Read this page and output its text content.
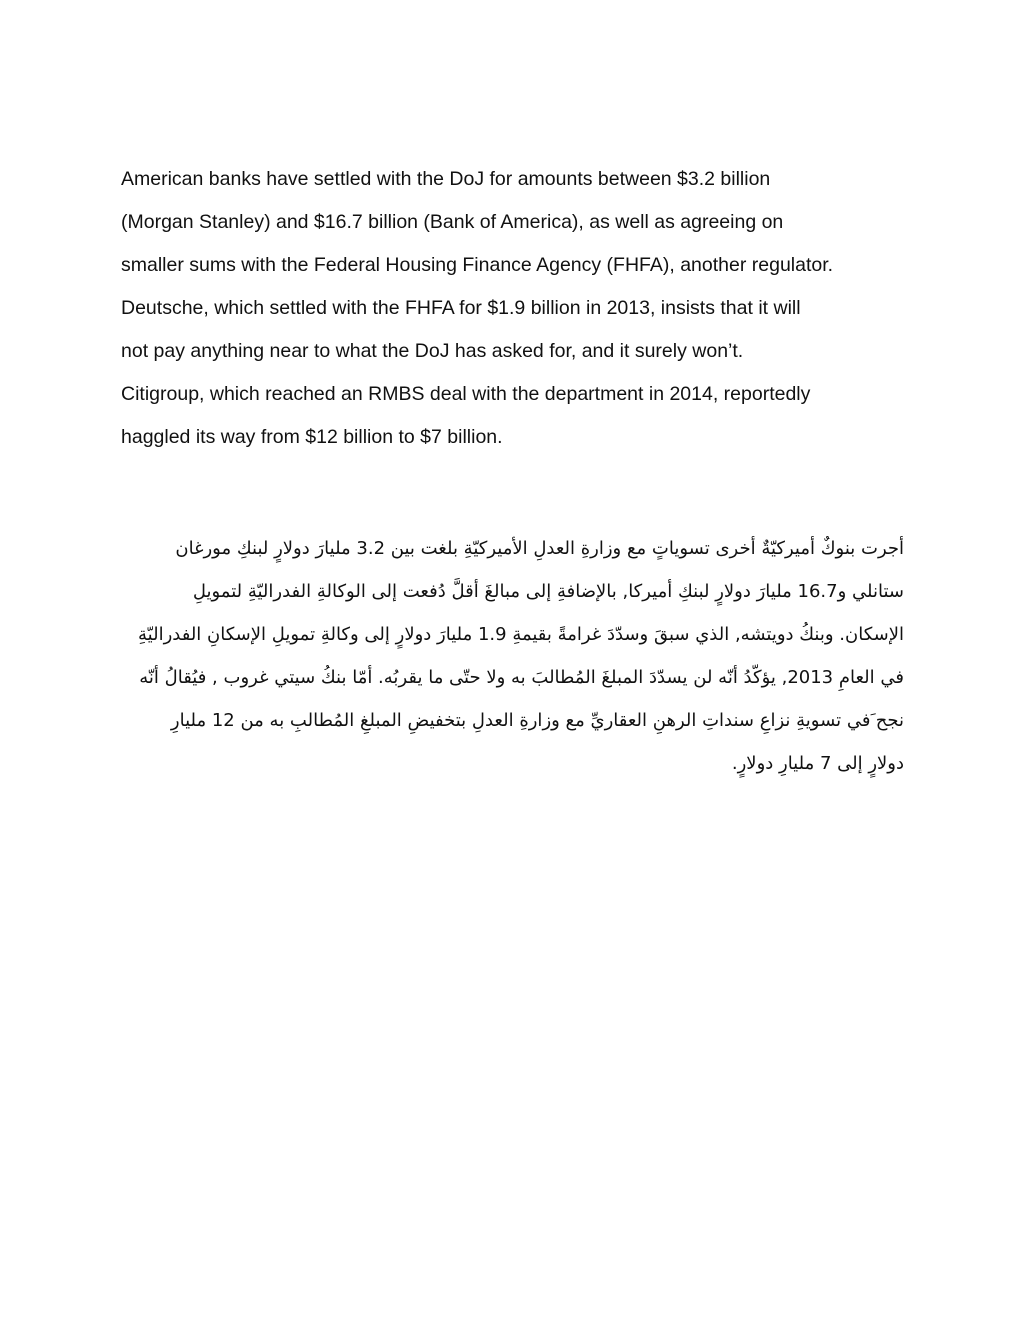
American banks have settled with the DoJ for amounts between $3.2 billion
(Morgan Stanley) and $16.7 billion (Bank of America), as well as agreeing on
smaller sums with the Federal Housing Finance Agency (FHFA), another regulator.
Deutsche, which settled with the FHFA for $1.9 billion in 2013, insists that it will
not pay anything near to what the DoJ has asked for, and it surely won’t.
Citigroup, which reached an RMBS deal with the department in 2014, reportedly
haggled its way from $12 billion to $7 billion.
أجرت بنوكٌ أميركيّةٌ أخرى تسوياتٍ مع وزارةِ العدلِ الأميركيّةِ بلغت بين 3.2 مليارَ دولارٍ لبنكِ مورغان
ستانلي و16.7 مليارَ دولارٍ لبنكِ أميركا, بالإضافةِ إلى مبالغَ أقلَّ دُفعت إلى الوكالةِ الفدراليّةِ لتمويلِ
الإسكان. وبنكُ دويتشه, الذي سبقَ وسدّدَ غرامةً بقيمةِ 1.9 مليارَ دولارٍ إلى وكالةِ تمويلِ الإسكانِ الفدراليّةِ
في العامِ 2013, يؤكّدُ أنّه لن يسدّدَ المبلغَ المُطالبَ به ولا حتّى ما يقربُه. أمّا بنكُ سيتي غروب , فيُقالُ أنّه
نجح َفي تسويةِ نزاعِ سنداتِ الرهنِ العقاريِّ مع وزارةِ العدلِ بتخفيضِ المبلغِ المُطالبِ به من 12 مليارِ
دولارٍ إلى 7 مليارِ دولارٍ.
